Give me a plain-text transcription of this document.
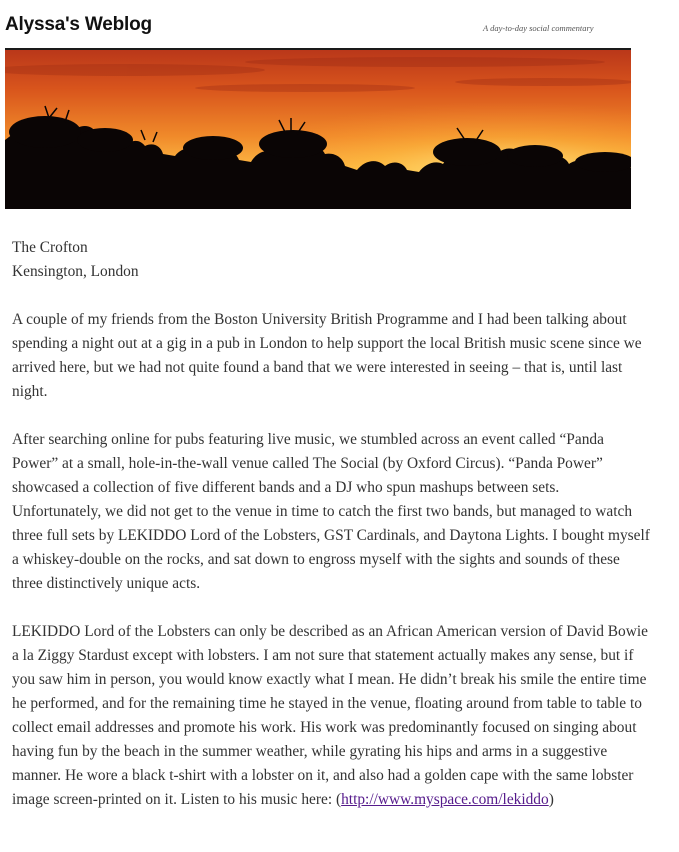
Alyssa's Weblog	A day-to-day social commentary

The Crofton
Kensington, London

A couple of my friends from the Boston University British Programme and I had been talking about spending a night out at a gig in a pub in London to help support the local British music scene since we arrived here, but we had not quite found a band that we were interested in seeing – that is, until last night.

After searching online for pubs featuring live music, we stumbled across an event called “Panda Power” at a small, hole-in-the-wall venue called The Social (by Oxford Circus). “Panda Power” showcased a collection of five different bands and a DJ who spun mashups between sets. Unfortunately, we did not get to the venue in time to catch the first two bands, but managed to watch three full sets by LEKIDDO Lord of the Lobsters, GST Cardinals, and Daytona Lights. I bought myself a whiskey-double on the rocks, and sat down to engross myself with the sights and sounds of these three distinctively unique acts.

LEKIDDO Lord of the Lobsters can only be described as an African American version of David Bowie a la Ziggy Stardust except with lobsters. I am not sure that statement actually makes any sense, but if you saw him in person, you would know exactly what I mean. He didn’t break his smile the entire time he performed, and for the remaining time he stayed in the venue, floating around from table to table to collect email addresses and promote his work. His work was predominantly focused on singing about having fun by the beach in the summer weather, while gyrating his hips and arms in a suggestive manner. He wore a black t-shirt with a lobster on it, and also had a golden cape with the same lobster image screen-printed on it. Listen to his music here: (http://www.myspace.com/lekiddo)
